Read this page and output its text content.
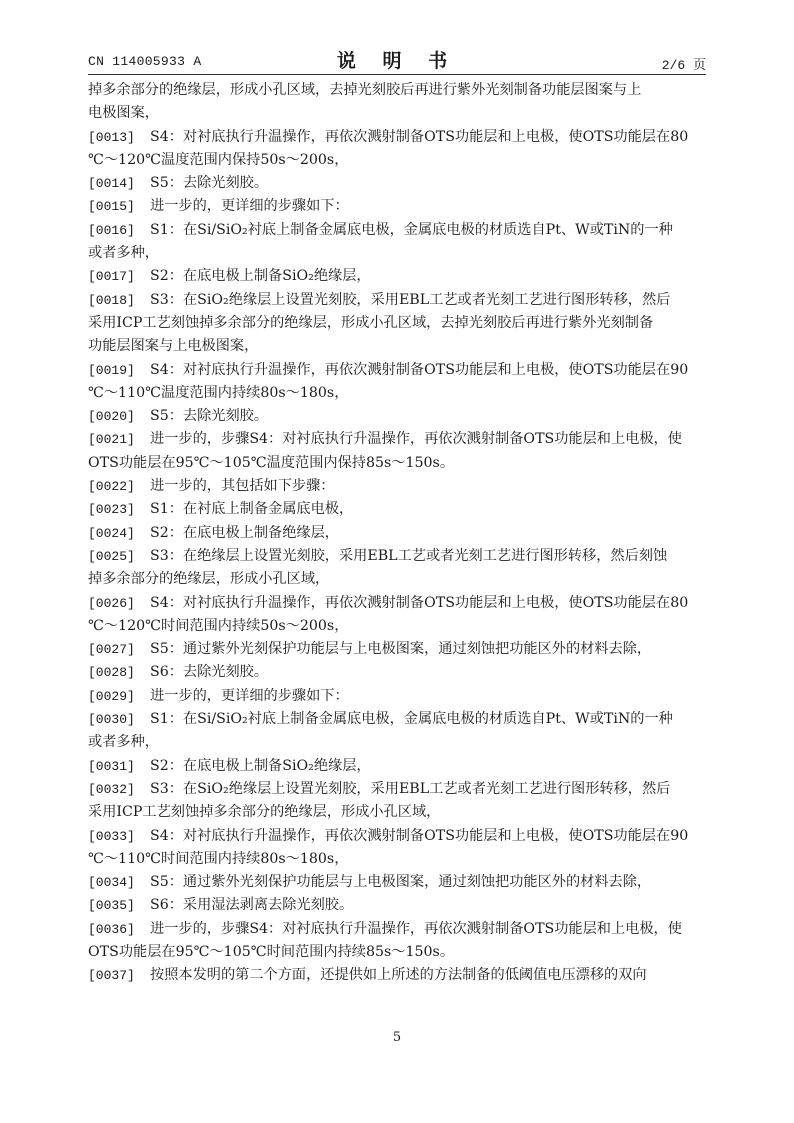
CN 114005933 A	说 明 书	2/6 页
掉多余部分的绝缘层，形成小孔区域，去掉光刻胶后再进行紫外光刻制备功能层图案与上
电极图案，
[0013] S4：对衬底执行升温操作，再依次溅射制备OTS功能层和上电极，使OTS功能层在80
℃～120℃温度范围内保持50s～200s，
[0014] S5：去除光刻胶。
[0015] 进一步的，更详细的步骤如下：
[0016] S1：在Si/SiO₂衬底上制备金属底电极，金属底电极的材质选自Pt、W或TiN的一种
或者多种，
[0017] S2：在底电极上制备SiO₂绝缘层，
[0018] S3：在SiO₂绝缘层上设置光刻胶，采用EBL工艺或者光刻工艺进行图形转移，然后
采用ICP工艺刻蚀掉多余部分的绝缘层，形成小孔区域，去掉光刻胶后再进行紫外光刻制备
功能层图案与上电极图案，
[0019] S4：对衬底执行升温操作，再依次溅射制备OTS功能层和上电极，使OTS功能层在90
℃～110℃温度范围内持续80s～180s，
[0020] S5：去除光刻胶。
[0021] 进一步的，步骤S4：对衬底执行升温操作，再依次溅射制备OTS功能层和上电极，使
OTS功能层在95℃～105℃温度范围内保持85s～150s。
[0022] 进一步的，其包括如下步骤：
[0023] S1：在衬底上制备金属底电极，
[0024] S2：在底电极上制备绝缘层，
[0025] S3：在绝缘层上设置光刻胶，采用EBL工艺或者光刻工艺进行图形转移，然后刻蚀
掉多余部分的绝缘层，形成小孔区域，
[0026] S4：对衬底执行升温操作，再依次溅射制备OTS功能层和上电极，使OTS功能层在80
℃～120℃时间范围内持续50s～200s，
[0027] S5：通过紫外光刻保护功能层与上电极图案，通过刻蚀把功能区外的材料去除，
[0028] S6：去除光刻胶。
[0029] 进一步的，更详细的步骤如下：
[0030] S1：在Si/SiO₂衬底上制备金属底电极，金属底电极的材质选自Pt、W或TiN的一种
或者多种，
[0031] S2：在底电极上制备SiO₂绝缘层，
[0032] S3：在SiO₂绝缘层上设置光刻胶，采用EBL工艺或者光刻工艺进行图形转移，然后
采用ICP工艺刻蚀掉多余部分的绝缘层，形成小孔区域，
[0033] S4：对衬底执行升温操作，再依次溅射制备OTS功能层和上电极，使OTS功能层在90
℃～110℃时间范围内持续80s～180s，
[0034] S5：通过紫外光刻保护功能层与上电极图案，通过刻蚀把功能区外的材料去除，
[0035] S6：采用湿法剥离去除光刻胶。
[0036] 进一步的，步骤S4：对衬底执行升温操作，再依次溅射制备OTS功能层和上电极，使
OTS功能层在95℃～105℃时间范围内持续85s～150s。
[0037] 按照本发明的第二个方面，还提供如上所述的方法制备的低阈值电压漂移的双向
5
